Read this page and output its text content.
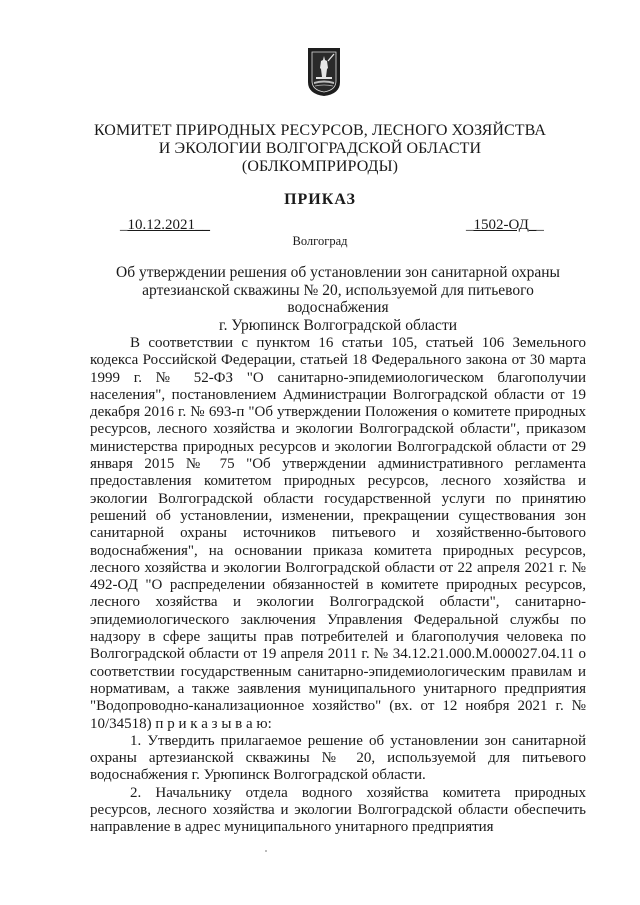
КОМИТЕТ ПРИРОДНЫХ РЕСУРСОВ, ЛЕСНОГО ХОЗЯЙСТВА
И ЭКОЛОГИИ ВОЛГОГРАДСКОЙ ОБЛАСТИ
(ОБЛКОМПРИРОДЫ)
ПРИКАЗ
_10.12.2021__	_1502-ОД__
Волгоград
Об утверждении решения об установлении зон санитарной охраны
артезианской скважины № 20, используемой для питьевого водоснабжения
г. Урюпинск Волгоградской области

В соответствии с пунктом 16 статьи 105, статьей 106 Земельного кодекса Российской Федерации, статьей 18 Федерального закона от 30 марта 1999 г. № 52-ФЗ "О санитарно-эпидемиологическом благополучии населения", постановлением Администрации Волгоградской области от 19 декабря 2016 г. № 693-п "Об утверждении Положения о комитете природных ресурсов, лесного хозяйства и экологии Волгоградской области", приказом министерства природных ресурсов и экологии Волгоградской области от 29 января 2015 № 75 "Об утверждении административного регламента предоставления комитетом природных ресурсов, лесного хозяйства и экологии Волгоградской области государственной услуги по принятию решений об установлении, изменении, прекращении существования зон санитарной охраны источников питьевого и хозяйственно-бытового водоснабжения", на основании приказа комитета природных ресурсов, лесного хозяйства и экологии Волгоградской области от 22 апреля 2021 г. № 492-ОД "О распределении обязанностей в комитете природных ресурсов, лесного хозяйства и экологии Волгоградской области", санитарно-эпидемиологического заключения Управления Федеральной службы по надзору в сфере защиты прав потребителей и благополучия человека по Волгоградской области от 19 апреля 2011 г. № 34.12.21.000.М.000027.04.11 о соответствии государственным санитарно-эпидемиологическим правилам и нормативам, а также заявления муниципального унитарного предприятия "Водопроводно-канализационное хозяйство" (вх. от 12 ноября 2021 г. № 10/34518) п р и к а з ы в а ю:

1. Утвердить прилагаемое решение об установлении зон санитарной охраны артезианской скважины № 20, используемой для питьевого водоснабжения г. Урюпинск Волгоградской области.

2. Начальнику отдела водного хозяйства комитета природных ресурсов, лесного хозяйства и экологии Волгоградской области обеспечить направление в адрес муниципального унитарного предприятия
